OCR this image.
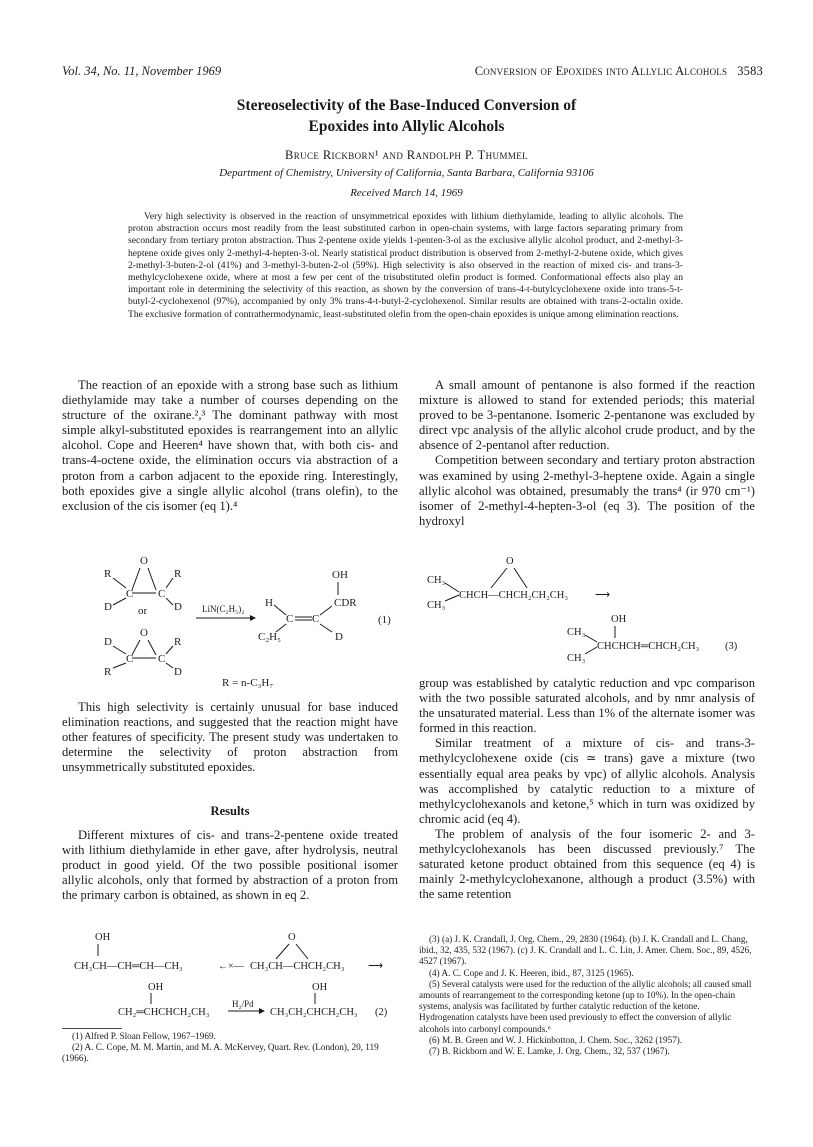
Vol. 34, No. 11, November 1969	Conversion of Epoxides into Allylic Alcohols 3583
Stereoselectivity of the Base-Induced Conversion of
Epoxides into Allylic Alcohols
Bruce Rickborn¹ and Randolph P. Thummel
Department of Chemistry, University of California, Santa Barbara, California 93106
Received March 14, 1969
Very high selectivity is observed in the reaction of unsymmetrical epoxides with lithium diethylamide, leading to allylic alcohols. The proton abstraction occurs most readily from the least substituted carbon in open-chain systems, with large factors separating primary from secondary from tertiary proton abstraction. Thus 2-pentene oxide yields 1-penten-3-ol as the exclusive allylic alcohol product, and 2-methyl-3-heptene oxide gives only 2-methyl-4-hepten-3-ol. Nearly statistical product distribution is observed from 2-methyl-2-butene oxide, which gives 2-methyl-3-buten-2-ol (41%) and 3-methyl-3-buten-2-ol (59%). High selectivity is also observed in the reaction of mixed cis- and trans-3-methylcyclohexene oxide, where at most a few per cent of the trisubstituted olefin product is formed. Conformational effects also play an important role in determining the selectivity of this reaction, as shown by the conversion of trans-4-t-butylcyclohexene oxide into trans-5-t-butyl-2-cyclohexenol (97%), accompanied by only 3% trans-4-t-butyl-2-cyclohexenol. Similar results are obtained with trans-2-octalin oxide. The exclusive formation of contrathermodynamic, least-substituted olefin from the open-chain epoxides is unique among elimination reactions.

The reaction of an epoxide with a strong base such as lithium diethylamide may take a number of courses depending on the structure of the oxirane.²,³ The dominant pathway with most simple alkyl-substituted epoxides is rearrangement into an allylic alcohol. Cope and Heeren⁴ have shown that, with both cis- and trans-4-octene oxide, the elimination occurs via abstraction of a proton from a carbon adjacent to the epoxide ring. Interestingly, both epoxides give a single allylic alcohol (trans olefin), to the exclusion of the cis isomer (eq 1).⁴

O
C C
R	R
D	D
or
O
C C
D	R
R	D
LiN(C₂H₅)₂
OH
CDR
H
C C
C₂H₅	D
(1)
R = n-C₃H₇

This high selectivity is certainly unusual for base induced elimination reactions, and suggested that the reaction might have other features of specificity. The present study was undertaken to determine the selectivity of proton abstraction from unsymmetrically substituted epoxides.

Results

Different mixtures of cis- and trans-2-pentene oxide treated with lithium diethylamide in ether gave, after hydrolysis, neutral product in good yield. Of the two possible positional isomer allylic alcohols, only that formed by abstraction of a proton from the primary carbon is obtained, as shown in eq 2.

OH
CH₃CH—CH═CH—CH₃	←×—
O
CH₃CH—CHCH₂CH₃ ⟶
OH
CH₂═CHCHCH₂CH₃
H₂/Pd
OH
CH₃CH₂CHCH₂CH₃ (2)
(1) Alfred P. Sloan Fellow, 1967–1969.
(2) A. C. Cope, M. M. Martin, and M. A. McKervey, Quart. Rev. (London), 20, 119 (1966).

A small amount of pentanone is also formed if the reaction mixture is allowed to stand for extended periods; this material proved to be 3-pentanone. Isomeric 2-pentanone was excluded by direct vpc analysis of the allylic alcohol crude product, and by the absence of 2-pentanol after reduction.

Competition between secondary and tertiary proton abstraction was examined by using 2-methyl-3-heptene oxide. Again a single allylic alcohol was obtained, presumably the trans⁴ (ir 970 cm⁻¹) isomer of 2-methyl-4-hepten-3-ol (eq 3). The position of the hydroxyl

CH₃
CH₃
O
CHCH—CHCH₂CH₂CH₃	⟶
OH
CH₃
CH₃
CHCHCH═CHCH₂CH₃ (3)

group was established by catalytic reduction and vpc comparison with the two possible saturated alcohols, and by nmr analysis of the unsaturated material. Less than 1% of the alternate isomer was formed in this reaction.

Similar treatment of a mixture of cis- and trans-3-methylcyclohexene oxide (cis ≃ trans) gave a mixture (two essentially equal area peaks by vpc) of allylic alcohols. Analysis was accomplished by catalytic reduction to a mixture of methylcyclohexanols and ketone,⁵ which in turn was oxidized by chromic acid (eq 4).

The problem of analysis of the four isomeric 2- and 3-methylcyclohexanols has been discussed previously.⁷ The saturated ketone product obtained from this sequence (eq 4) is mainly 2-methylcyclohexanone, although a product (3.5%) with the same retention

(3) (a) J. K. Crandall, J. Org. Chem., 29, 2830 (1964). (b) J. K. Crandall and L. Chang, ibid., 32, 435, 532 (1967). (c) J. K. Crandall and L. C. Lin, J. Amer. Chem. Soc., 89, 4526, 4527 (1967).
(4) A. C. Cope and J. K. Heeren, ibid., 87, 3125 (1965).
(5) Several catalysts were used for the reduction of the allylic alcohols; all caused small amounts of rearrangement to the corresponding ketone (up to 10%). In the open-chain systems, analysis was facilitated by further catalytic reduction of the ketone. Hydrogenation catalysts have been used previously to effect the conversion of allylic alcohols into carbonyl compounds.⁶
(6) M. B. Green and W. J. Hickinbotton, J. Chem. Soc., 3262 (1957).
(7) B. Rickborn and W. E. Lamke, J. Org. Chem., 32, 537 (1967).
